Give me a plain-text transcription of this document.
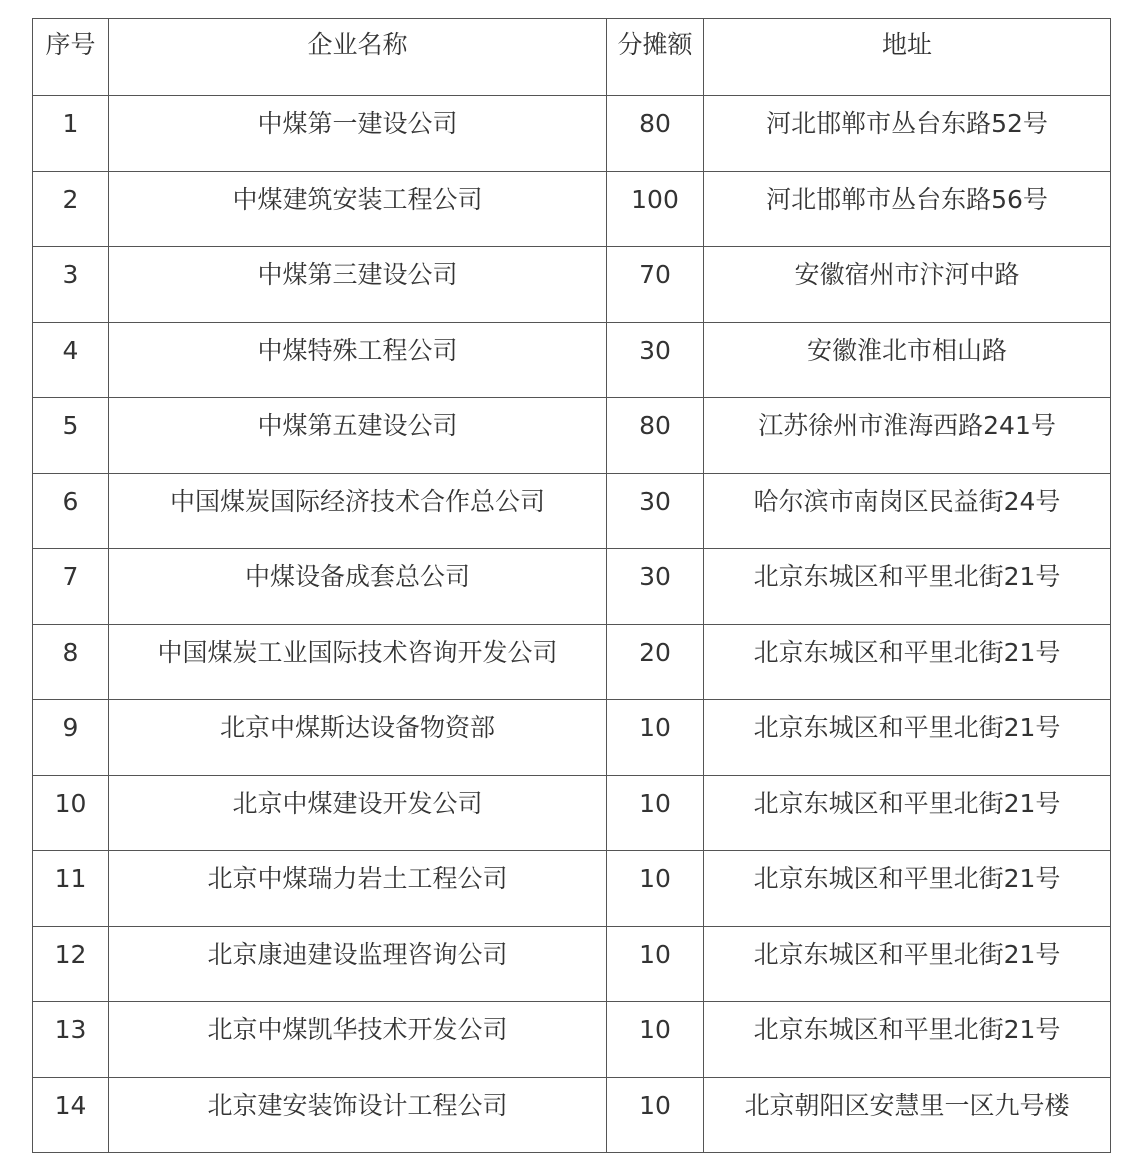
序号	企业名称	分摊额	地址
1	中煤第一建设公司	80	河北邯郸市丛台东路52号
2	中煤建筑安装工程公司	100	河北邯郸市丛台东路56号
3	中煤第三建设公司	70	安徽宿州市汴河中路
4	中煤特殊工程公司	30	安徽淮北市相山路
5	中煤第五建设公司	80	江苏徐州市淮海西路241号
6	中国煤炭国际经济技术合作总公司	30	哈尔滨市南岗区民益街24号
7	中煤设备成套总公司	30	北京东城区和平里北街21号
8	中国煤炭工业国际技术咨询开发公司	20	北京东城区和平里北街21号
9	北京中煤斯达设备物资部	10	北京东城区和平里北街21号
10	北京中煤建设开发公司	10	北京东城区和平里北街21号
11	北京中煤瑞力岩土工程公司	10	北京东城区和平里北街21号
12	北京康迪建设监理咨询公司	10	北京东城区和平里北街21号
13	北京中煤凯华技术开发公司	10	北京东城区和平里北街21号
14	北京建安装饰设计工程公司	10	北京朝阳区安慧里一区九号楼
